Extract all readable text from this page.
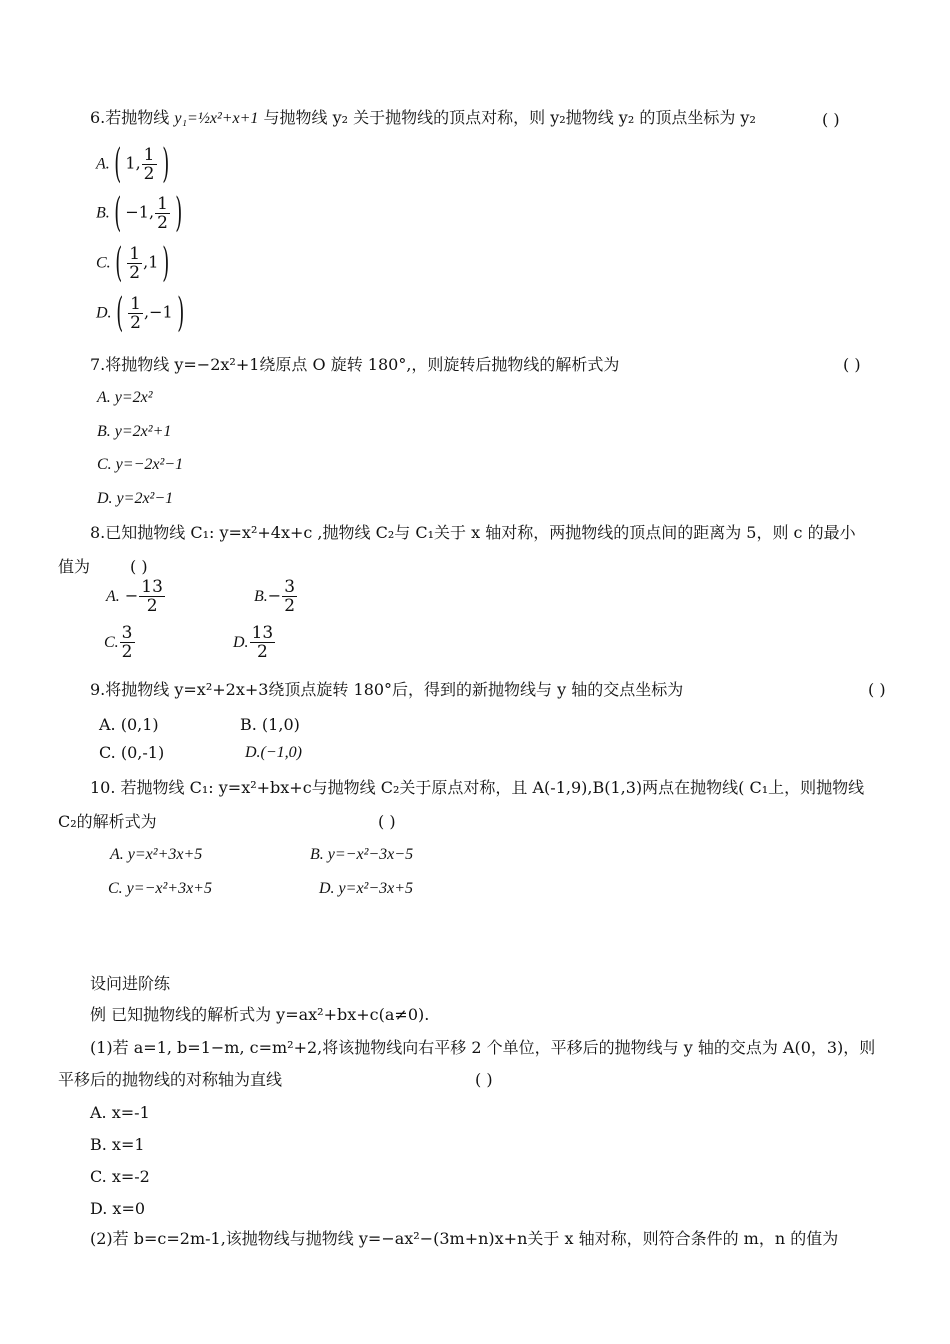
6.若抛物线 y₁=½x²+x+1 与抛物线 y₂ 关于抛物线的顶点对称，则 y₂抛物线 y₂ 的顶点坐标为 y₂	( )
A. ( 1, $\frac{1}{2}$ )
B. ( −1, $\frac{1}{2}$ )
C. ( $\frac{1}{2} ,1$ )
D. ( $\frac{1}{2} ,-1$ )
7.将抛物线 y=−2x²+1绕原点 O 旋转 180°,，则旋转后抛物线的解析式为	( )
A. y=2x²
B. y=2x²+1
C. y=−2x²−1
D. y=2x²−1
8.已知抛物线 C₁: y=x²+4x+c ,抛物线 C₂与 C₁关于 x 轴对称，两抛物线的顶点间的距离为 5，则 c 的最小
值为 ( )
A. − $\frac{13}{2}$	$B.- \frac{3}{2}$
C. $\frac{3}{2}$	D. $\frac{13}{2}$
9.将抛物线 y=x²+2x+3绕顶点旋转 180°后，得到的新抛物线与 y 轴的交点坐标为	( )
A. (0,1)	B. (1,0)
C. (0,-1)	D.(−1,0)
10. 若抛物线 C₁: y=x²+bx+c与抛物线 C₂关于原点对称，且 A(-1,9),B(1,3)两点在抛物线( C₁上，则抛物线
C₂的解析式为	( )
A. y=x²+3x+5	B. y=−x²−3x−5
C. y=−x²+3x+5	D. y=x²−3x+5
设问进阶练
例 已知抛物线的解析式为 y=ax²+bx+c(a≠0).
(1)若 a=1, b=1−m, c=m²+2,将该抛物线向右平移 2 个单位，平移后的抛物线与 y 轴的交点为 A(0，3)，则
平移后的抛物线的对称轴为直线	( )
A. x=-1
B. x=1
C. x=-2
D. x=0
(2)若 b=c=2m-1,该抛物线与抛物线 y=−ax²−(3m+n)x+n关于 x 轴对称，则符合条件的 m，n 的值为
